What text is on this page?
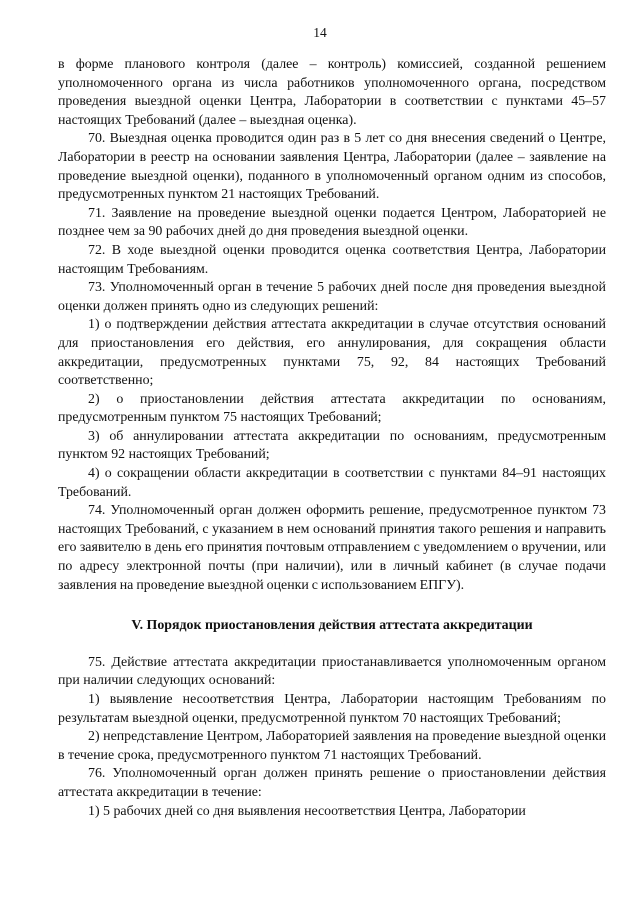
14

в форме планового контроля (далее – контроль) комиссией, созданной решением уполномоченного органа из числа работников уполномоченного органа, посредством проведения выездной оценки Центра, Лаборатории в соответствии с пунктами 45–57 настоящих Требований (далее – выездная оценка).

70. Выездная оценка проводится один раз в 5 лет со дня внесения сведений о Центре, Лаборатории в реестр на основании заявления Центра, Лаборатории (далее – заявление на проведение выездной оценки), поданного в уполномоченный органом одним из способов, предусмотренных пунктом 21 настоящих Требований.

71. Заявление на проведение выездной оценки подается Центром, Лабораторией не позднее чем за 90 рабочих дней до дня проведения выездной оценки.

72. В ходе выездной оценки проводится оценка соответствия Центра, Лаборатории настоящим Требованиям.

73. Уполномоченный орган в течение 5 рабочих дней после дня проведения выездной оценки должен принять одно из следующих решений:

1) о подтверждении действия аттестата аккредитации в случае отсутствия оснований для приостановления его действия, его аннулирования, для сокращения области аккредитации, предусмотренных пунктами 75, 92, 84 настоящих Требований соответственно;

2) о приостановлении действия аттестата аккредитации по основаниям, предусмотренным пунктом 75 настоящих Требований;

3) об аннулировании аттестата аккредитации по основаниям, предусмотренным пунктом 92 настоящих Требований;

4) о сокращении области аккредитации в соответствии с пунктами 84–91 настоящих Требований.

74. Уполномоченный орган должен оформить решение, предусмотренное пунктом 73 настоящих Требований, с указанием в нем оснований принятия такого решения и направить его заявителю в день его принятия почтовым отправлением с уведомлением о вручении, или по адресу электронной почты (при наличии), или в личный кабинет (в случае подачи заявления на проведение выездной оценки с использованием ЕПГУ).

V. Порядок приостановления действия аттестата аккредитации

75. Действие аттестата аккредитации приостанавливается уполномоченным органом при наличии следующих оснований:

1) выявление несоответствия Центра, Лаборатории настоящим Требованиям по результатам выездной оценки, предусмотренной пунктом 70 настоящих Требований;

2) непредставление Центром, Лабораторией заявления на проведение выездной оценки в течение срока, предусмотренного пунктом 71 настоящих Требований.

76. Уполномоченный орган должен принять решение о приостановлении действия аттестата аккредитации в течение:

1) 5 рабочих дней со дня выявления несоответствия Центра, Лаборатории
